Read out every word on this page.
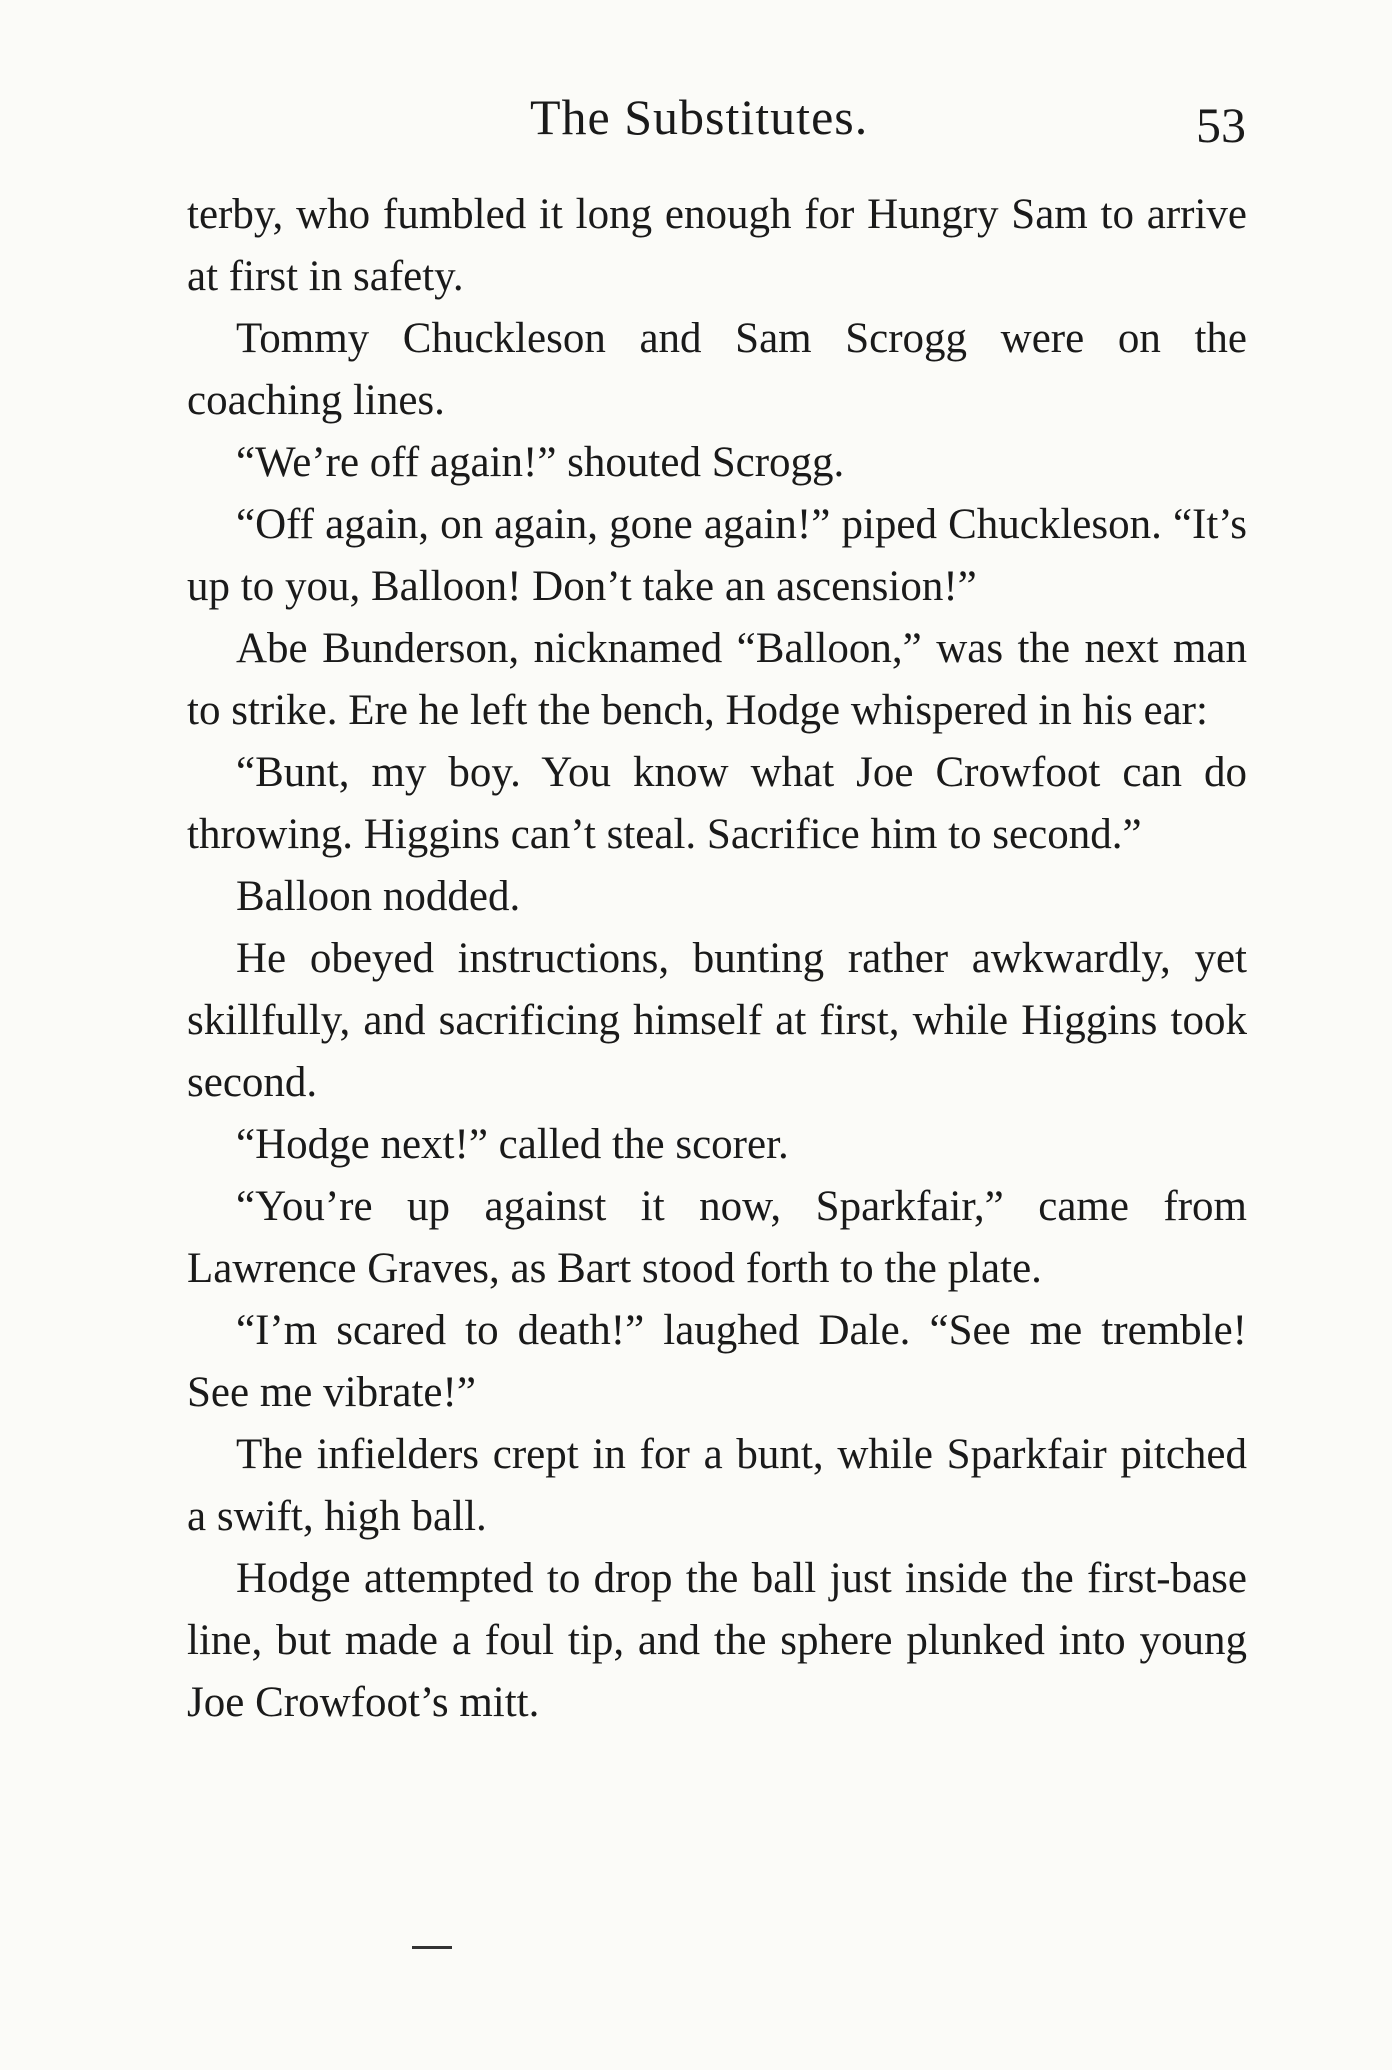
The Substitutes.	53

terby, who fumbled it long enough for Hungry Sam to arrive at first in safety.

Tommy Chuckleson and Sam Scrogg were on the coaching lines.

“We’re off again!” shouted Scrogg.

“Off again, on again, gone again!” piped Chuckleson. “It’s up to you, Balloon! Don’t take an ascension!”

Abe Bunderson, nicknamed “Balloon,” was the next man to strike. Ere he left the bench, Hodge whispered in his ear:

“Bunt, my boy. You know what Joe Crowfoot can do throwing. Higgins can’t steal. Sacrifice him to second.”

Balloon nodded.

He obeyed instructions, bunting rather awkwardly, yet skillfully, and sacrificing himself at first, while Higgins took second.

“Hodge next!” called the scorer.

“You’re up against it now, Sparkfair,” came from Lawrence Graves, as Bart stood forth to the plate.

“I’m scared to death!” laughed Dale. “See me tremble! See me vibrate!”

The infielders crept in for a bunt, while Sparkfair pitched a swift, high ball.

Hodge attempted to drop the ball just inside the first-base line, but made a foul tip, and the sphere plunked into young Joe Crowfoot’s mitt.
